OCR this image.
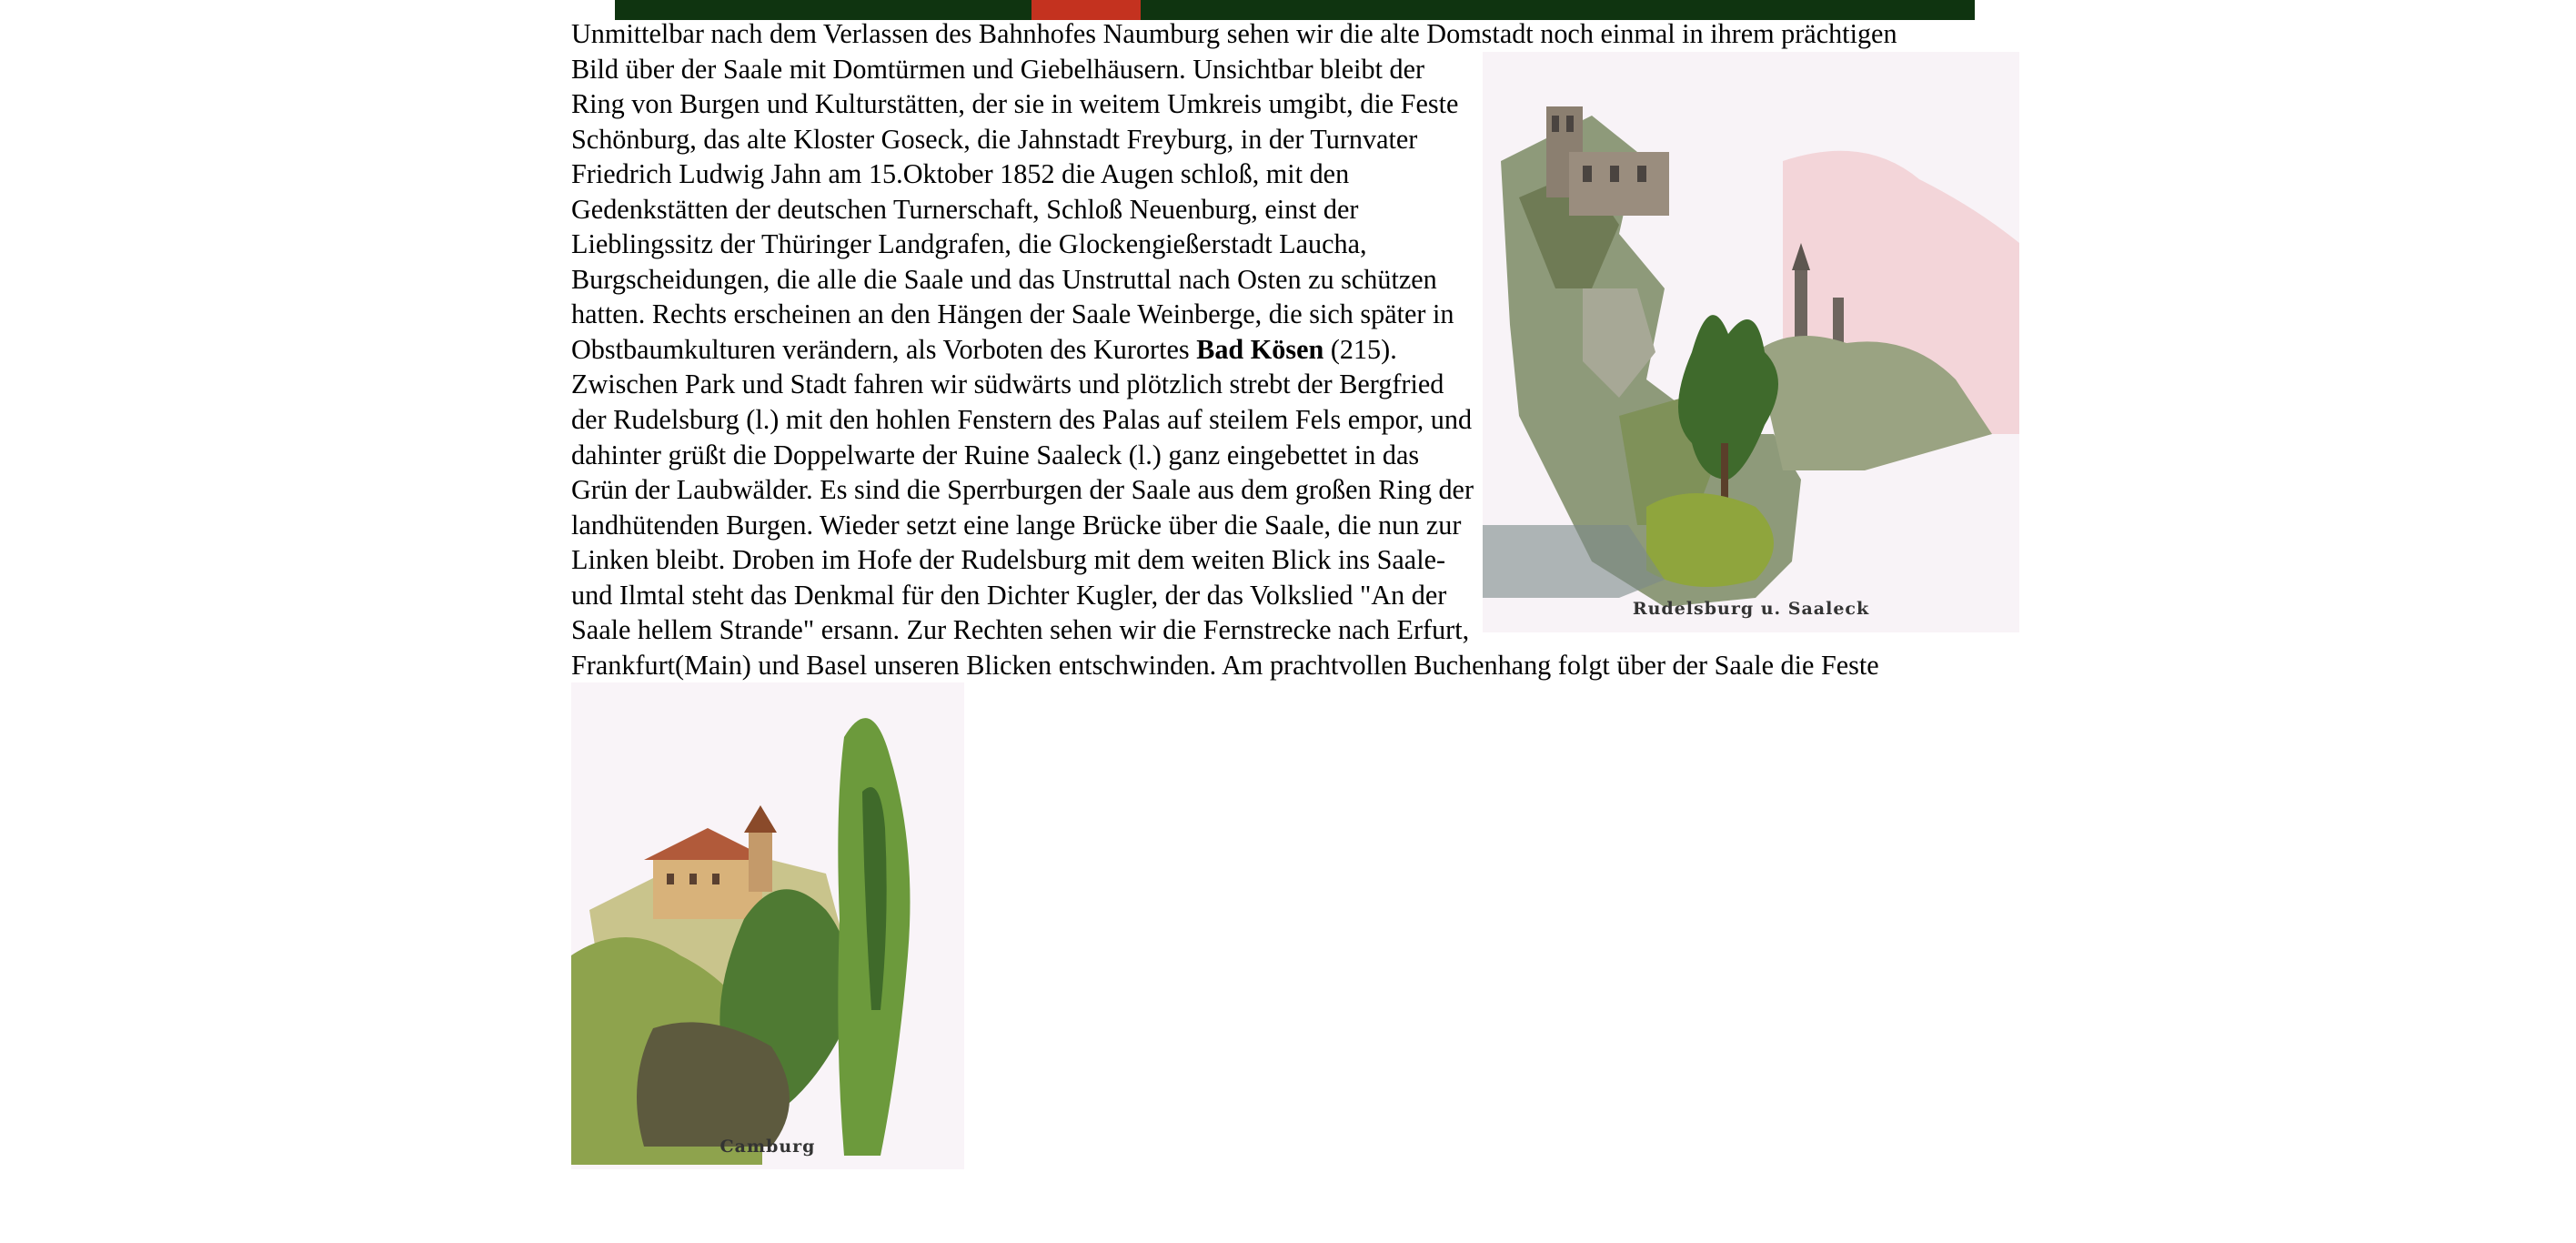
Unmittelbar nach dem Verlassen des Bahnhofes Naumburg sehen wir die alte Domstadt noch einmal in ihrem prächtigen

Rudelsburg u. Saaleck

Bild über der Saale mit Domtürmen und Giebelhäusern. Unsichtbar bleibt der Ring von Burgen und Kulturstätten, der sie in weitem Umkreis umgibt, die Feste Schönburg, das alte Kloster Goseck, die Jahnstadt Freyburg, in der Turnvater Friedrich Ludwig Jahn am 15.Oktober 1852 die Augen schloß, mit den Gedenkstätten der deutschen Turnerschaft, Schloß Neuenburg, einst der Lieblingssitz der Thüringer Landgrafen, die Glockengießerstadt Laucha, Burgscheidungen, die alle die Saale und das Unstruttal nach Osten zu schützen hatten. Rechts erscheinen an den Hängen der Saale Weinberge, die sich später in Obstbaumkulturen verändern, als Vorboten des Kurortes Bad Kösen (215). Zwischen Park und Stadt fahren wir südwärts und plötzlich strebt der Bergfried der Rudelsburg (l.) mit den hohlen Fenstern des Palas auf steilem Fels empor, und dahinter grüßt die Doppelwarte der Ruine Saaleck (l.) ganz eingebettet in das Grün der Laubwälder. Es sind die Sperrburgen der Saale aus dem großen Ring der landhütenden Burgen. Wieder setzt eine lange Brücke über die Saale, die nun zur Linken bleibt. Droben im Hofe der Rudelsburg mit dem weiten Blick ins Saale- und Ilmtal steht das Denkmal für den Dichter Kugler, der das Volkslied "An der Saale hellem Strande" ersann. Zur Rechten sehen wir die Fernstrecke nach Erfurt, Frankfurt(Main) und Basel unseren Blicken entschwinden. Am prachtvollen Buchenhang folgt über der Saale die Feste
Camburg
